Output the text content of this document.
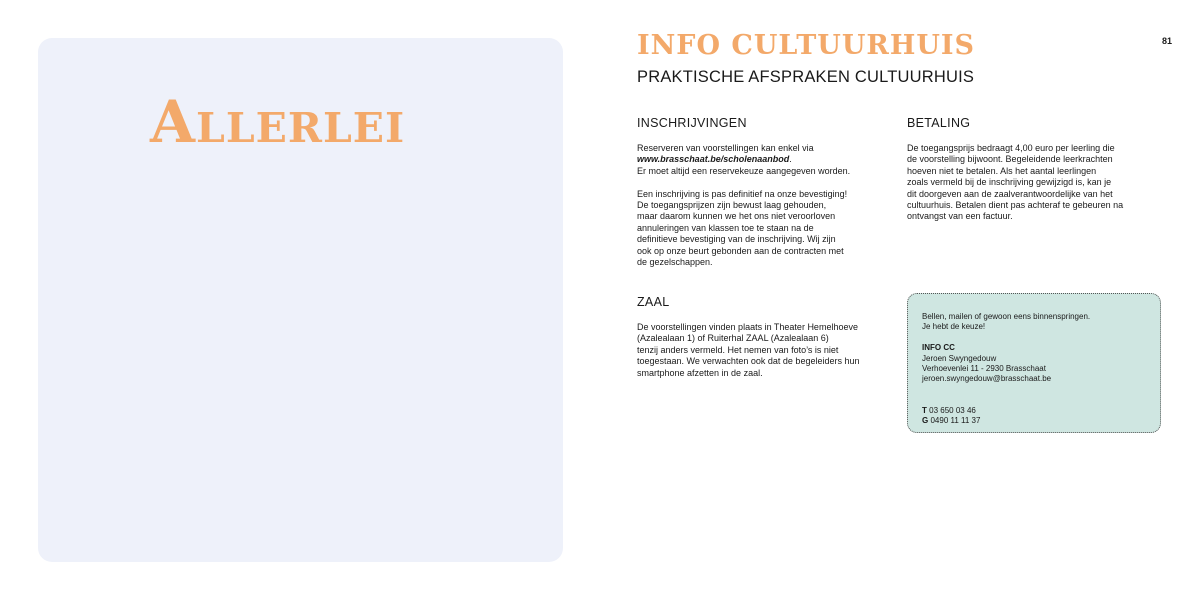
Allerlei
81
INFO CULTUURHUIS
PRAKTISCHE AFSPRAKEN CULTUURHUIS
INSCHRIJVINGEN

Reserveren van voorstellingen kan enkel via

www.brasschaat.be/scholenaanbod.

Er moet altijd een reservekeuze aangegeven worden.

Een inschrijving is pas definitief na onze bevestiging!

De toegangsprijzen zijn bewust laag gehouden,

maar daarom kunnen we het ons niet veroorloven

annuleringen van klassen toe te staan na de

definitieve bevestiging van de inschrijving. Wij zijn

ook op onze beurt gebonden aan de contracten met

de gezelschappen.

BETALING

De toegangsprijs bedraagt 4,00 euro per leerling die

de voorstelling bijwoont. Begeleidende leerkrachten

hoeven niet te betalen. Als het aantal leerlingen

zoals vermeld bij de inschrijving gewijzigd is, kan je

dit doorgeven aan de zaalverantwoordelijke van het

cultuurhuis. Betalen dient pas achteraf te gebeuren na

ontvangst van een factuur.

ZAAL

De voorstellingen vinden plaats in Theater Hemelhoeve

(Azalealaan 1) of Ruiterhal ZAAL (Azalealaan 6)

tenzij anders vermeld. Het nemen van foto’s is niet

toegestaan. We verwachten ook dat de begeleiders hun

smartphone afzetten in de zaal.

Bellen, mailen of gewoon eens binnenspringen.

Je hebt de keuze!

INFO CC

Jeroen Swyngedouw

Verhoevenlei 11 - 2930 Brasschaat

jeroen.swyngedouw@brasschaat.be

T 03 650 03 46

G 0490 11 11 37
